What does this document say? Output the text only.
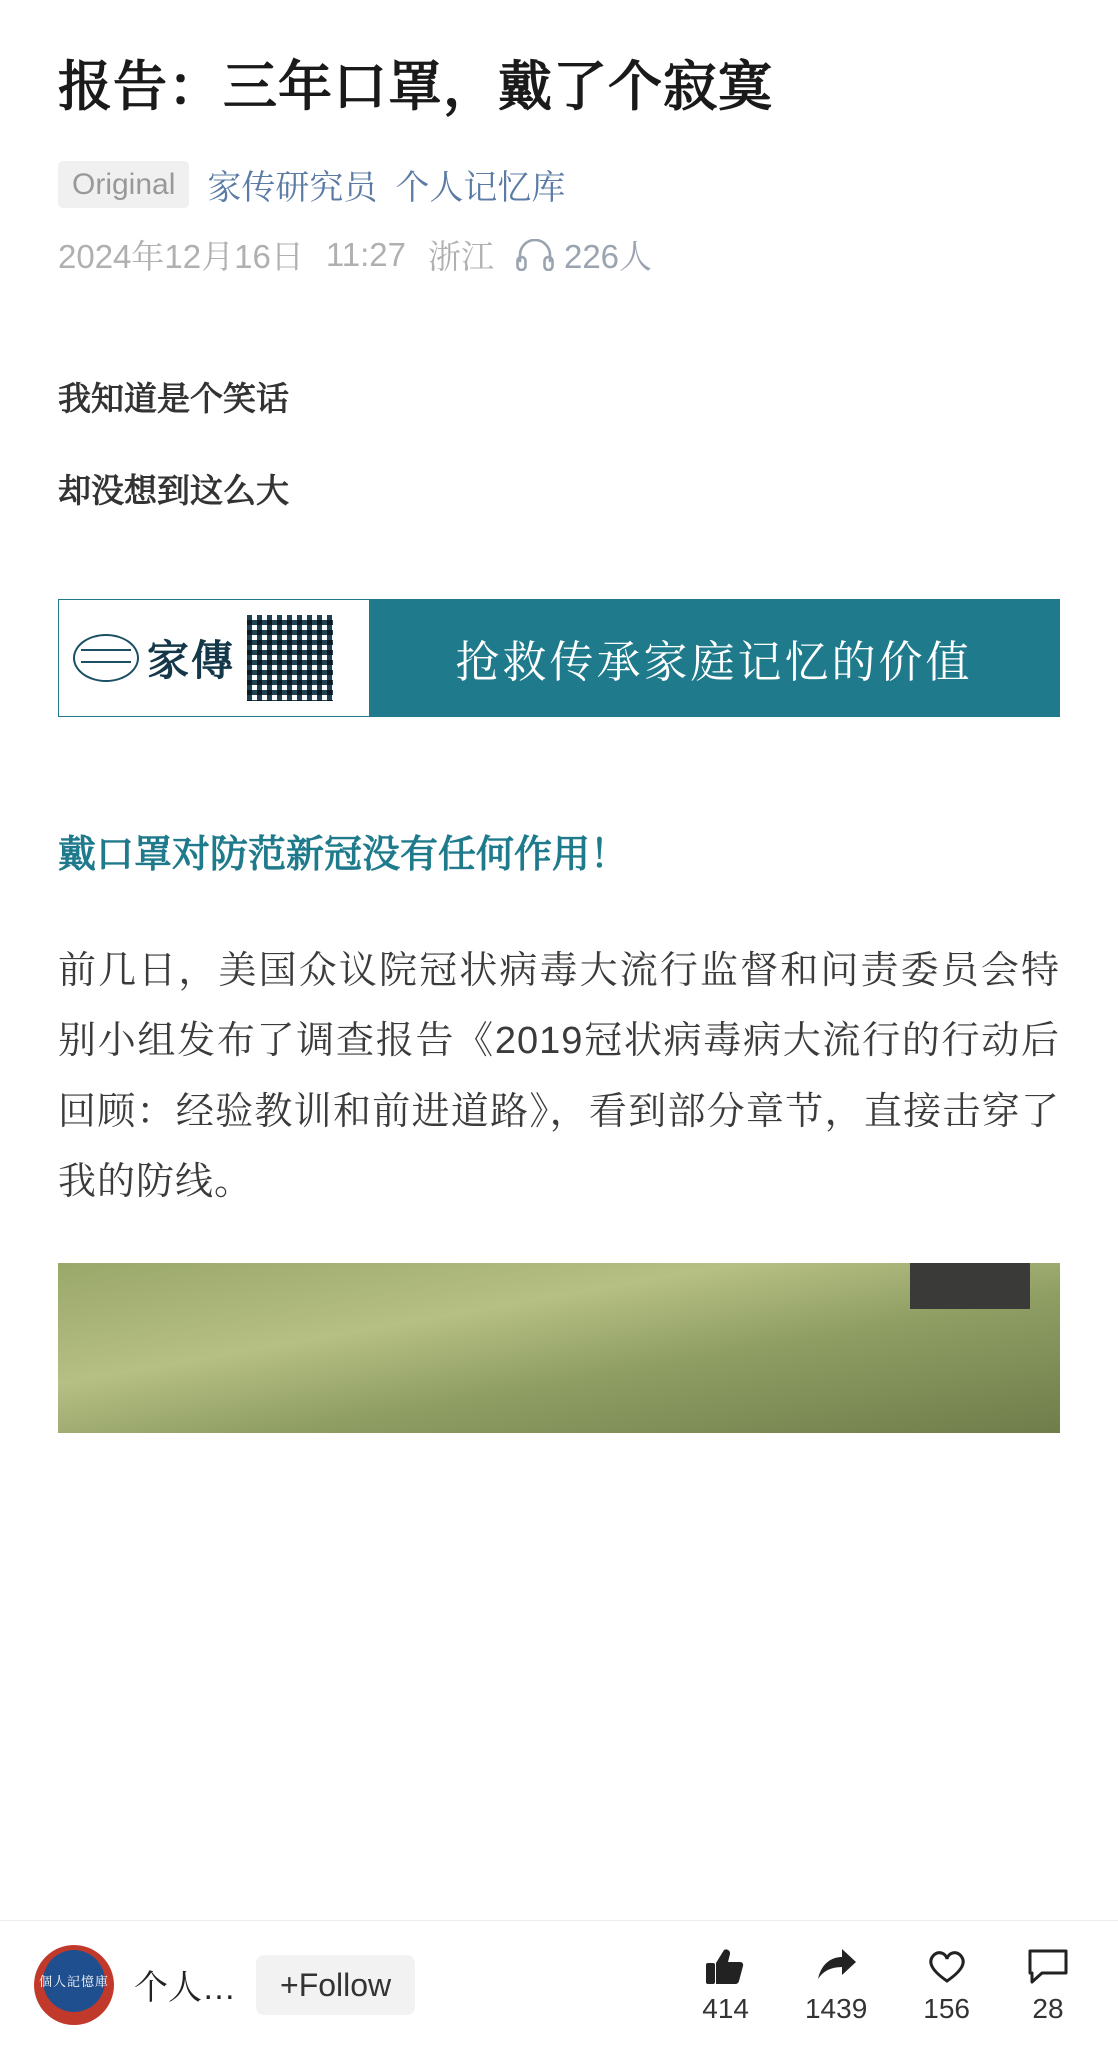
报告：三年口罩，戴了个寂寞
Original 家传研究员 个人记忆库
2024年12月16日 11:27 浙江 226人

我知道是个笑话

却没想到这么大

家傳	抢救传承家庭记忆的价值
戴口罩对防范新冠没有任何作用！
前几日，美国众议院冠状病毒大流行监督和问责委员会特别小组发布了调查报告《2019冠状病毒病大流行的行动后回顾：经验教训和前进道路》，看到部分章节，直接击穿了我的防线。
個人記憶庫 个人…	+Follow
414 1439 156 28
